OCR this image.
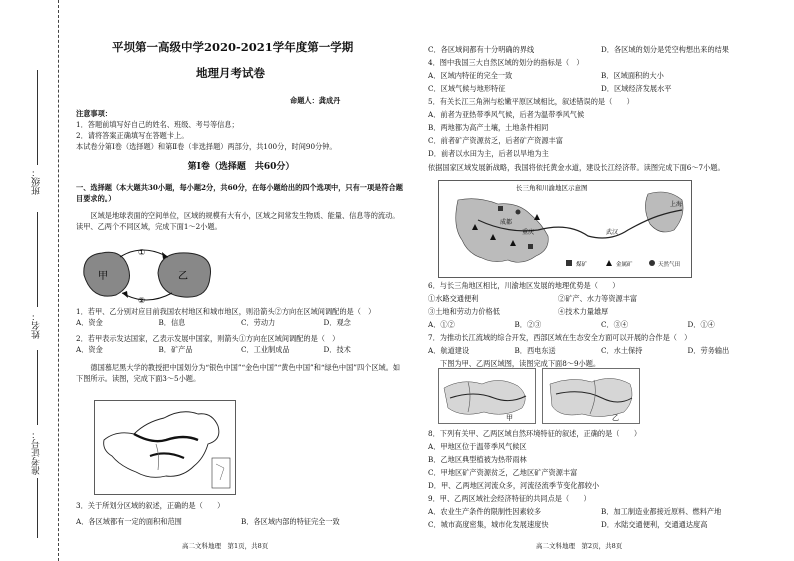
班级：
姓名：
准考证号：
平坝第一高级中学2020-2021学年度第一学期
地理月考试卷
命题人：龚成丹
注意事项：
1．答题前填写好自己的姓名、班级、考号等信息；
2．请将答案正确填写在答题卡上。
本试卷分第Ⅰ卷（选择题）和第Ⅱ卷（非选择题）两部分，共100分，时间90分钟。
第Ⅰ卷（选择题　共60分）
一、选择题（本大题共30小题，每小题2分，共60分，在每小题给出的四个选项中，只有一项是符合题目要求的。）
区域是地球表面的空间单位，区域的规模有大有小，区域之间常发生物质、能量、信息等的流动。读甲、乙两个不同区域，完成下面1～2小题。
甲	乙
①
②
1．若甲、乙分别对应目前我国农村地区和城市地区，则沿箭头②方向在区域间调配的是（　）
A．资金	B．信息	C．劳动力	D．观念
2．若甲表示发达国家，乙表示发展中国家，则箭头①方向在区域间调配的是（　）
A．资金	B．矿产品	C．工业制成品	D．技术
德国慕尼黑大学的教授把中国划分为“银色中国”“金色中国”“黄色中国”和“绿色中国”四个区域。如下图所示。读图，完成下面3～5小题。
3．关于所划分区域的叙述，正确的是（　　）
A．各区域都有一定的面积和范围	B．各区域内部的特征完全一致
高二文科地理　第1页，共8页
C．各区域间都有十分明确的界线	D．各区域的划分是凭空构想出来的结果
4．图中我国三大自然区域的划分的指标是（　）
A．区域内特征的完全一致	B．区域面积的大小
C．区域气候与地形特征	D．区域经济发展水平
5．有关长江三角洲与松嫩平原区域相比，叙述错误的是（　　）
A．前者为亚热带季风气候，后者为温带季风气候
B．两地都为高产土壤，土地条件相同
C．前者矿产资源贫乏，后者矿产资源丰富
D．前者以水田为主，后者以旱地为主
依据国家区域发展新战略，我国将依托黄金水道，建设长江经济带。读图完成下面6～7小题。
长三角和川渝地区示意图
成都
重庆	武汉
上海
煤矿	金属矿	天然气田
6．与长三角地区相比，川渝地区发展的地理优势是（　　）
①水路交通便利	②矿产、水力等资源丰富
③土地和劳动力价格低	④技术力量雄厚
A．①②	B．②③	C．③④	D．①④
7．为推动长江流域的综合开发，西部区域在生态安全方面可以开展的合作是（　）
A．航道建设	B．西电东送	C．水土保持	D．劳务输出
下图为甲、乙两区域图，读图完成下面8～9小题。
甲	乙
8．下列有关甲、乙两区域自然环境特征的叙述，正确的是（　　）
A．甲地区位于温带季风气候区
B．乙地区典型植被为热带雨林
C．甲地区矿产资源贫乏，乙地区矿产资源丰富
D．甲、乙两地区河流众多，河流径流季节变化都较小
9．甲、乙两区域社会经济特征的共同点是（　　）
A．农业生产条件的限制性因素较多	B．加工制造业都接近原料、燃料产地
C．城市高度密集，城市化发展速度快	D．水陆交通便利，交通通达度高
高二文科地理　第2页，共8页
